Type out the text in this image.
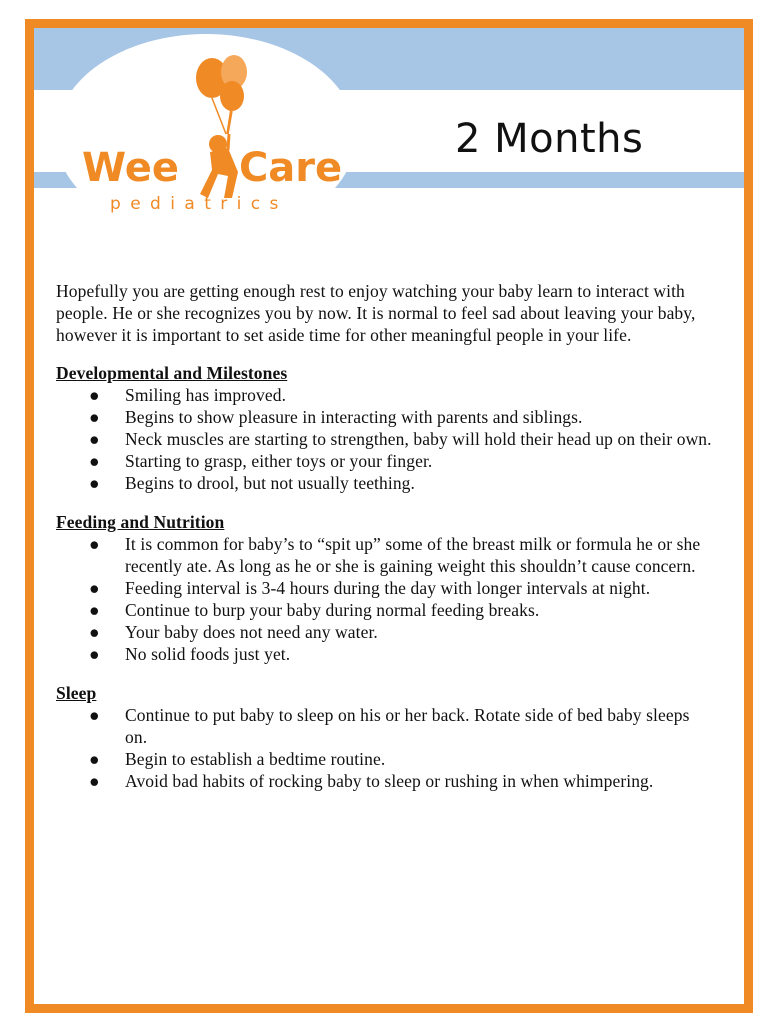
Wee Care
p e d i a t r i c s
2 Months

Hopefully you are getting enough rest to enjoy watching your baby learn to interact with people. He or she recognizes you by now. It is normal to feel sad about leaving your baby, however it is important to set aside time for other meaningful people in your life.

Developmental and Milestones
● Smiling has improved.
● Begins to show pleasure in interacting with parents and siblings.
● Neck muscles are starting to strengthen, baby will hold their head up on their own.
● Starting to grasp, either toys or your finger.
● Begins to drool, but not usually teething.
Feeding and Nutrition
● It is common for baby’s to “spit up” some of the breast milk or formula he or she recently ate. As long as he or she is gaining weight this shouldn’t cause concern.
● Feeding interval is 3-4 hours during the day with longer intervals at night.
● Continue to burp your baby during normal feeding breaks.
● Your baby does not need any water.
● No solid foods just yet.
Sleep
● Continue to put baby to sleep on his or her back. Rotate side of bed baby sleeps on.
● Begin to establish a bedtime routine.
● Avoid bad habits of rocking baby to sleep or rushing in when whimpering.
